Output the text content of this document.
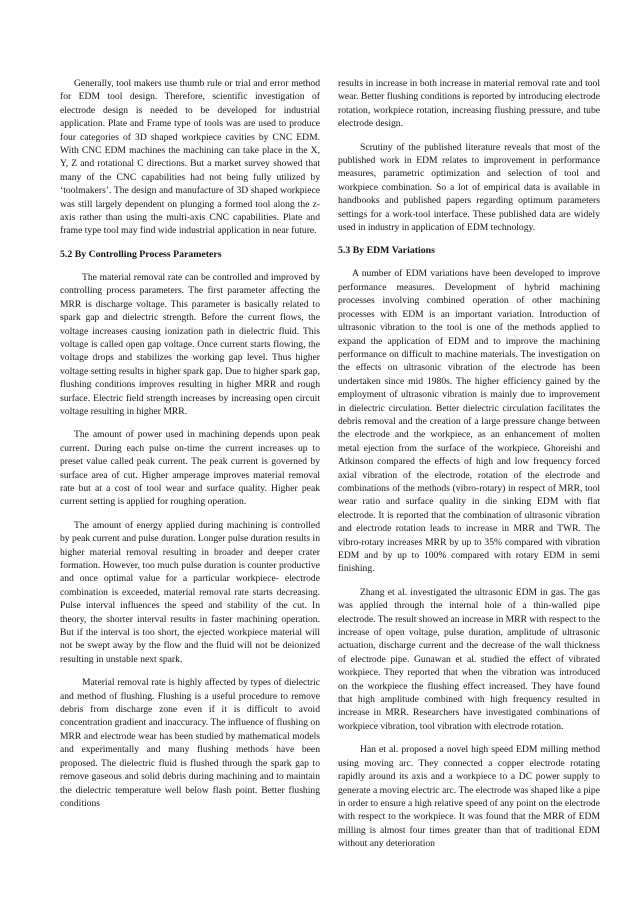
Generally, tool makers use thumb rule or trial and error method for EDM tool design. Therefore, scientific investigation of electrode design is needed to be developed for industrial application. Plate and Frame type of tools was are used to produce four categories of 3D shaped workpiece cavities by CNC EDM. With CNC EDM machines the machining can take place in the X, Y, Z and rotational C directions. But a market survey showed that many of the CNC capabilities had not being fully utilized by ‘toolmakers’. The design and manufacture of 3D shaped workpiece was still largely dependent on plunging a formed tool along the z-axis rather than using the multi-axis CNC capabilities. Plate and frame type tool may find wide industrial application in near future.

5.2 By Controlling Process Parameters

The material removal rate can be controlled and improved by controlling process parameters. The first parameter affecting the MRR is discharge voltage. This parameter is basically related to spark gap and dielectric strength. Before the current flows, the voltage increases causing ionization path in dielectric fluid. This voltage is called open gap voltage. Once current starts flowing, the voltage drops and stabilizes the working gap level. Thus higher voltage setting results in higher spark gap. Due to higher spark gap, flushing conditions improves resulting in higher MRR and rough surface. Electric field strength increases by increasing open circuit voltage resulting in higher MRR.

The amount of power used in machining depends upon peak current. During each pulse on-time the current increases up to preset value called peak current. The peak current is governed by surface area of cut. Higher amperage improves material removal rate but at a cost of tool wear and surface quality. Higher peak current setting is applied for roughing operation.

The amount of energy applied during machining is controlled by peak current and pulse duration. Longer pulse duration results in higher material removal resulting in broader and deeper crater formation. However, too much pulse duration is counter productive and once optimal value for a particular workpiece- electrode combination is exceeded, material removal rate starts decreasing. Pulse interval influences the speed and stability of the cut. In theory, the shorter interval results in faster machining operation. But if the interval is too short, the ejected workpiece material will not be swept away by the flow and the fluid will not be deionized resulting in unstable next spark.

Material removal rate is highly affected by types of dielectric and method of flushing. Flushing is a useful procedure to remove debris from discharge zone even if it is difficult to avoid concentration gradient and inaccuracy. The influence of flushing on MRR and electrode wear has been studied by mathematical models and experimentally and many flushing methods have been proposed. The dielectric fluid is flushed through the spark gap to remove gaseous and solid debris during machining and to maintain the dielectric temperature well below flash point. Better flushing conditions

results in increase in both increase in material removal rate and tool wear. Better flushing conditions is reported by introducing electrode rotation, workpiece rotation, increasing flushing pressure, and tube electrode design.

Scrutiny of the published literature reveals that most of the published work in EDM relates to improvement in performance measures, parametric optimization and selection of tool and workpiece combination. So a lot of empirical data is available in handbooks and published papers regarding optimum parameters settings for a work-tool interface. These published data are widely used in industry in application of EDM technology.

5.3 By EDM Variations

A number of EDM variations have been developed to improve performance measures. Development of hybrid machining processes involving combined operation of other machining processes with EDM is an important variation. Introduction of ultrasonic vibration to the tool is one of the methods applied to expand the application of EDM and to improve the machining performance on difficult to machine materials. The investigation on the effects on ultrasonic vibration of the electrode has been undertaken since mid 1980s. The higher efficiency gained by the employment of ultrasonic vibration is mainly due to improvement in dielectric circulation. Better dielectric circulation facilitates the debris removal and the creation of a large pressure change between the electrode and the workpiece, as an enhancement of molten metal ejection from the surface of the workpiece. Ghoreishi and Atkinson compared the effects of high and low frequency forced axial vibration of the electrode, rotation of the electrode and combinations of the methods (vibro-rotary) in respect of MRR, tool wear ratio and surface quality in die sinking EDM with flat electrode. It is reported that the combination of ultrasonic vibration and electrode rotation leads to increase in MRR and TWR. The vibro-rotary increases MRR by up to 35% compared with vibration EDM and by up to 100% compared with rotary EDM in semi finishing.

Zhang et al. investigated the ultrasonic EDM in gas. The gas was applied through the internal hole of a thin-walled pipe electrode. The result showed an increase in MRR with respect to the increase of open voltage, pulse duration, amplitude of ultrasonic actuation, discharge current and the decrease of the wall thickness of electrode pipe. Gunawan et al. studied the effect of vibrated workpiece. They reported that when the vibration was introduced on the workpiece the flushing effect increased. They have found that high amplitude combined with high frequency resulted in increase in MRR. Researchers have investigated combinations of workpiece vibration, tool vibration with electrode rotation.

Han et al. proposed a novel high speed EDM milling method using moving arc. They connected a copper electrode rotating rapidly around its axis and a workpiece to a DC power supply to generate a moving electric arc. The electrode was shaped like a pipe in order to ensure a high relative speed of any point on the electrode with respect to the workpiece. It was found that the MRR of EDM milling is almost four times greater than that of traditional EDM without any deterioration
